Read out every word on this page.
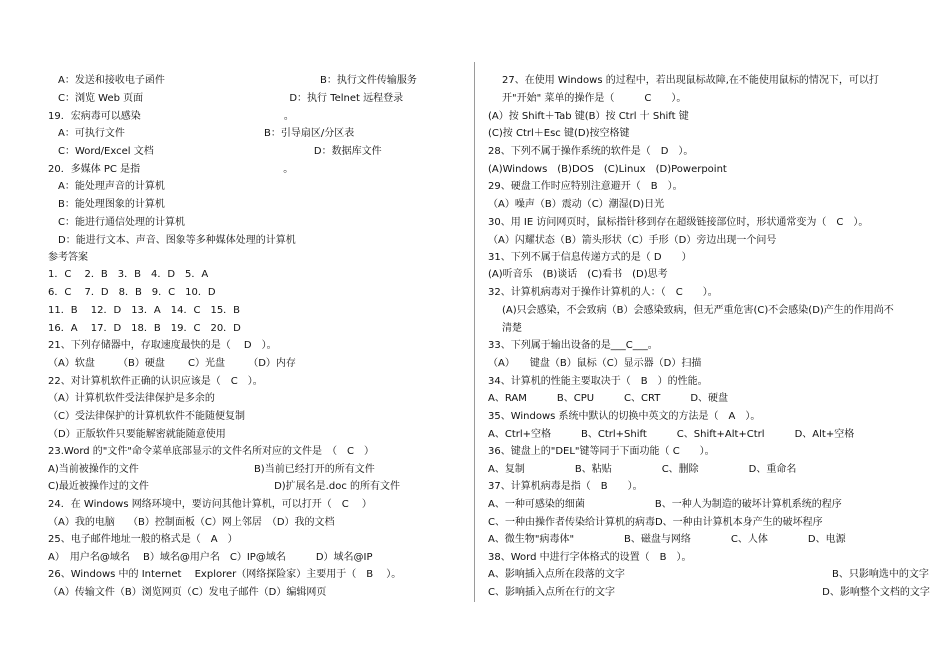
A：发送和接收电子函件	B：执行文件传输服务
C：浏览 Web 页面	D：执行 Telnet 远程登录
19．宏病毒可以感染	。
A：可执行文件	B：引导扇区/分区表
C：Word/Excel 文档	D：数据库文件
20．多媒体 PC 是指	。
A：能处理声音的计算机
B：能处理图象的计算机
C：能进行通信处理的计算机
D：能进行文本、声音、图象等多种媒体处理的计算机
参考答案
1．C　 2．B　3．B　4．D　5．A
6．C　 7．D　8．B　9．C　10．D
11．B　 12．D　13．A　14．C　15．B
16．A　 17．D　18．B　19．C　20．D
21、下列存储器中，存取速度最快的是（　 D　）。
（A）软盘　　 （B）硬盘　　 C）光盘　　 （D）内存
22、对计算机软件正确的认识应该是（　C　）。
（A）计算机软件受法律保护是多余的
（C）受法律保护的计算机软件不能随便复制
（D）正版软件只要能解密就能随意使用
23.Word 的"文件"命令菜单底部显示的文件名所对应的文件是　（　C　）
A)当前被操作的文件	B)当前已经打开的所有文件
C)最近被操作过的文件	D)扩展名是.doc 的所有文件
24．在 Windows 网络环境中，要访问其他计算机，可以打开（　C　 ）
（A）我的电脑　 （B）控制面板（C）网上邻居　（D）我的文档
25、电子邮件地址一般的格式是（　A　）
A）　用户名@域名　 B）域名@用户名　C）IP@域名　　　D）域名@IP
26、Windows 中的 Internet　 Explorer（网络探险家）主要用于（　B　 ）。
（A）传输文件（B）浏览网页（C）发电子邮件（D）编辑网页
27、在使用 Windows 的过程中，若出现鼠标故障,在不能使用鼠标的情况下，可以打
开"开始" 菜单的操作是（　　　C　　）。
(A）按 Shift＋Tab 键(B）按 Ctrl 十 Shift 键
(C)按 Ctrl＋Esc 键(D)按空格键
28、下列不属于操作系统的软件是（　D　）。
(A)Windows　(B)DOS　(C)Linux　(D)Powerpoint
29、硬盘工作时应特别注意避开（　B　）。
（A）噪声（B）震动（C）潮湿(D)日光
30、用 IE 访问网页时，鼠标指针移到存在超级链接部位时，形状通常变为（　C　）。
（A）闪耀状态（B）箭头形状（C）手形（D）旁边出现一个问号
31、下列不属于信息传递方式的是（ D　　）
(A)听音乐　(B)谈话　(C)看书　(D)思考
32、计算机病毒对于操作计算机的人：（　C　　）。
(A)只会感染，不会致病（B）会感染致病，但无严重危害(C)不会感染(D)产生的作用尚不
清楚
33、下列属于输出设备的是___C___。
（A）　　键盘（B）鼠标（C）显示器（D）扫描
34、计算机的性能主要取决于（　B　）的性能。
A、RAM　　　B、CPU　　　C、CRT　　　D、硬盘
35、Windows 系统中默认的切换中英文的方法是（　A　）。
A、Ctrl+空格　　　B、Ctrl+Shift　　　C、Shift+Alt+Ctrl　　　D、Alt+空格
36、键盘上的"DEL"键等同于下面功能（ C　　）。
A、复制　　　　　B、粘贴　　　　　C、删除　　　　　D、重命名
37、计算机病毒是指（　B　　）。
A、一种可感染的细菌　　　　　　　B、一种人为制造的破坏计算机系统的程序
C、一种由操作者传染给计算机的病毒D、一种由计算机本身产生的破坏程序
A、微生物"病毒体"　　　　　B、磁盘与网络　　　　C、人体　　　　D、电源
38、Word 中进行字体格式的设置（　B　）。
A、影响插入点所在段落的文字	B、只影响选中的文字
C、影响插入点所在行的文字	D、影响整个文档的文字
